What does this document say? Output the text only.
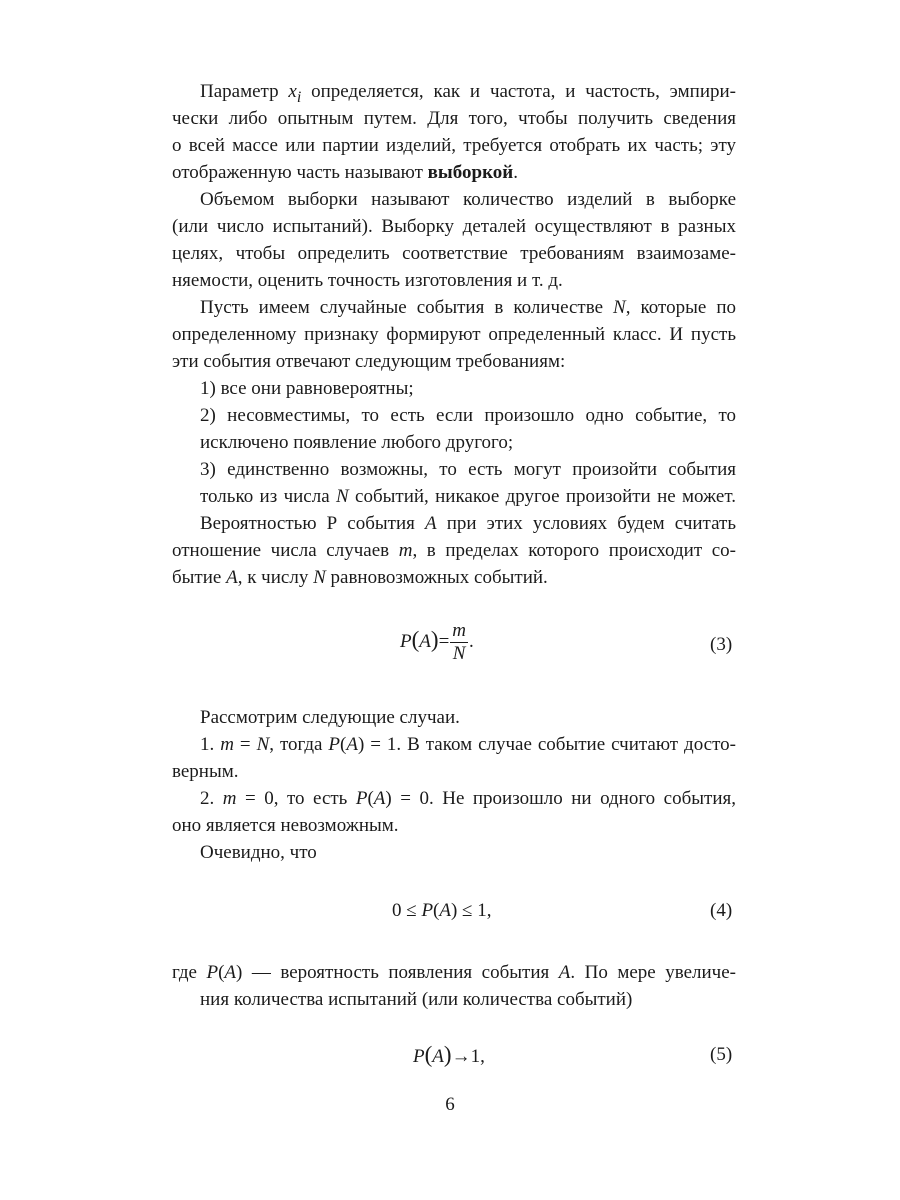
Параметр $x_i$ определяется, как и частота, и частость, эмпири-
чески либо опытным путем. Для того, чтобы получить сведения
о всей массе или партии изделий, требуется отобрать их часть; эту
отображенную часть называют выборкой.
Объемом выборки называют количество изделий в выборке
(или число испытаний). Выборку деталей осуществляют в разных
целях, чтобы определить соответствие требованиям взаимозаме-
няемости, оценить точность изготовления и т. д.
Пусть имеем случайные события в количестве N, которые по
определенному признаку формируют определенный класс. И пусть
эти события отвечают следующим требованиям:
1) все они равновероятны;
2) несовместимы, то есть если произошло одно событие, то
исключено появление любого другого;
3) единственно возможны, то есть могут произойти события
только из числа N событий, никакое другое произойти не может.
Вероятностью Р события A при этих условиях будем считать
отношение числа случаев m, в пределах которого происходит со-
бытие A, к числу N равновозможных событий.
$P(A)= \frac{m}{N}$ .	(3)
Рассмотрим следующие случаи.
1. m = N, тогда P(A) = 1. В таком случае событие считают досто-
верным.
2. m = 0, то есть P(A) = 0. Не произошло ни одного события,
оно является невозможным.
Очевидно, что
0 ≤ P(A) ≤ 1,	(4)
где P(A) — вероятность появления события A. По мере увеличе-
ния количества испытаний (или количества событий)
P(A)→1,	(5)
6
